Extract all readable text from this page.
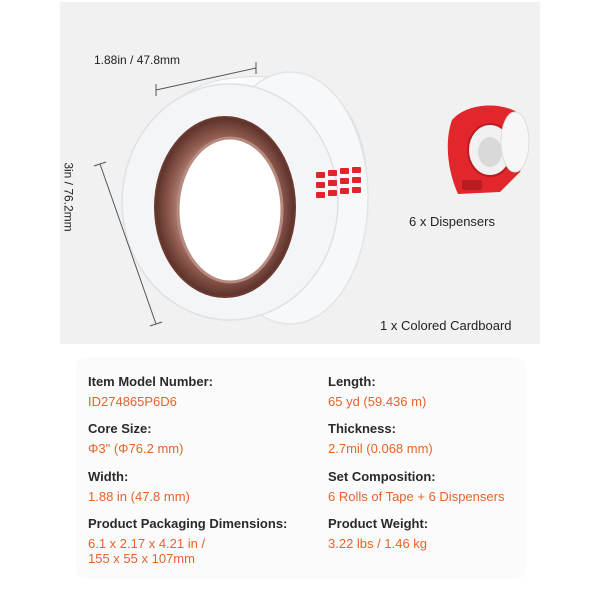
1.88in / 47.8mm
3in / 76.2mm	6 x Dispensers
1 x Colored Cardboard
Item Model Number:
ID274865P6D6
Length:
65 yd (59.436 m)
Core Size:
Φ3" (Φ76.2 mm)
Thickness:
2.7mil (0.068 mm)
Width:
1.88 in (47.8 mm)
Set Composition:
6 Rolls of Tape + 6 Dispensers
Product Packaging Dimensions:
6.1 x 2.17 x 4.21 in /
155 x 55 x 107mm
Product Weight:
3.22 lbs / 1.46 kg
